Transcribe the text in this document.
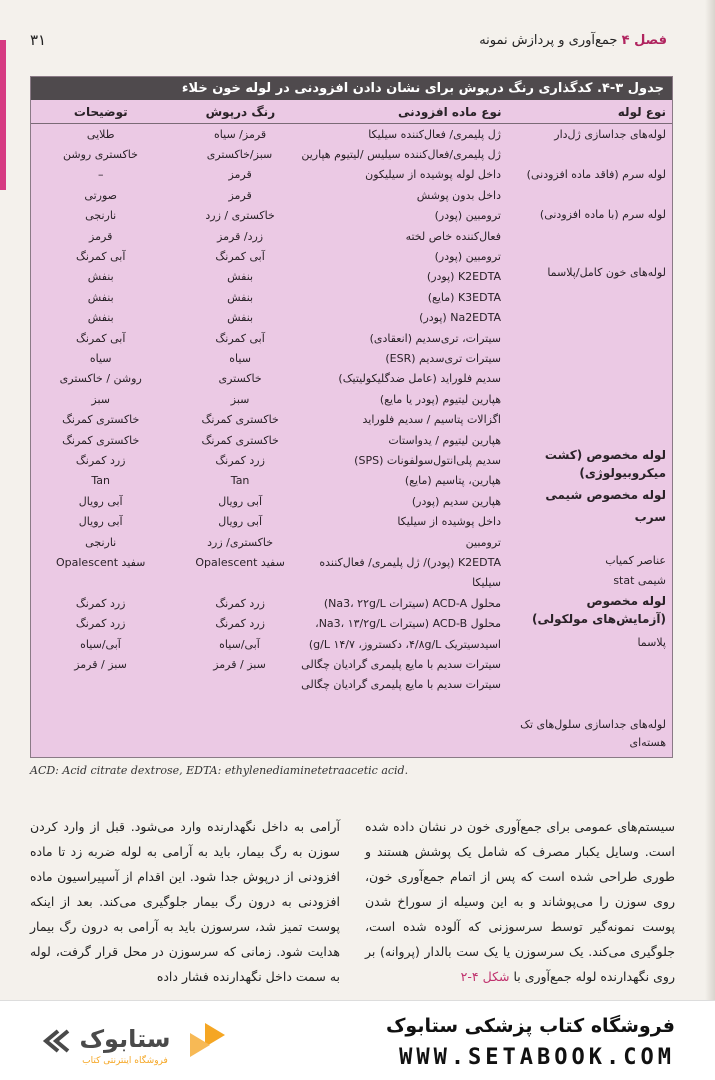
فصل ۴ جمع‌آوری و پردازش نمونه
۳۱
جدول ۳-۴. کدگذاری رنگ درپوش برای نشان دادن افزودنی در لوله خون خلاء
نوع لوله
نوع ماده افزودنی
رنگ درپوش
توضیحات
لوله‌های جداسازی ژل‌دار
لوله سرم (فاقد ماده افزودنی)
لوله سرم (با ماده افزودنی)
لوله‌های خون کامل/پلاسما
لوله مخصوص (کشت میکروبیولوژی)
لوله مخصوص شیمی
سرب
عناصر کمیاب
شیمی stat
لوله مخصوص (آزمایش‌های مولکولی)
پلاسما
لوله‌های جداسازی سلول‌های تک هسته‌ای
ژل پلیمری/ فعال‌کننده سیلیکا
قرمز/ سیاه
طلایی
ژل پلیمری/فعال‌کننده سیلیس /لیتیوم هپارین
سبز/خاکستری
خاکستری روشن
داخل لوله پوشیده از سیلیکون
قرمز
–
داخل بدون پوشش
قرمز
صورتی
ترومبین (پودر)
خاکستری / زرد
نارنجی
فعال‌کننده خاص لخته
زرد/ قرمز
قرمز
ترومبین (پودر)
آبی کمرنگ
آبی کمرنگ
K2EDTA (پودر)
بنفش
بنفش
K3EDTA (مایع)
بنفش
بنفش
Na2EDTA (پودر)
بنفش
بنفش
سیترات، تری‌سدیم (انعقادی)
آبی کمرنگ
آبی کمرنگ
سیترات تری‌سدیم (ESR)
سیاه
سیاه
سدیم فلوراید (عامل ضدگلیکولیتیک)
خاکستری
روشن / خاکستری
هپارین لیتیوم (پودر یا مایع)
سبز
سبز
اگزالات پتاسیم / سدیم فلوراید
خاکستری کمرنگ
خاکستری کمرنگ
هپارین لیتیوم / یدواستات
خاکستری کمرنگ
خاکستری کمرنگ
سدیم پلی‌انتول‌سولفونات (SPS)
زرد کمرنگ
زرد کمرنگ
هپارین، پتاسیم (مایع)
Tan
Tan
هپارین سدیم (پودر)
آبی رویال
آبی رویال
داخل پوشیده از سیلیکا
آبی رویال
آبی رویال
ترومبین
خاکستری/ زرد
نارنجی
K2EDTA (پودر)/ ژل پلیمری/ فعال‌کننده
سفید Opalescent
سفید Opalescent
سیلیکا
محلول ACD-A (سیترات Na3، ۲۲g/L)
زرد کمرنگ
زرد کمرنگ
محلول ACD-B (سیترات Na3، ۱۳/۲g/L،
زرد کمرنگ
زرد کمرنگ
اسیدسیتریک ۴/۸g/L، دکستروز، ۱۴/۷ g/L)
آبی/سیاه
آبی/سیاه
سیترات سدیم با مایع پلیمری گرادیان چگالی
سبز / قرمز
سبز / قرمز
سیترات سدیم با مایع پلیمری گرادیان چگالی
ACD: Acid citrate dextrose, EDTA: ethylenediaminetetraacetic acid.
سیستم‌های عمومی برای جمع‌آوری خون در نشان داده شده است. وسایل یکبار مصرف که شامل یک پوشش هستند و طوری طراحی شده است که پس از اتمام جمع‌آوری خون، روی سوزن را می‌پوشاند و به این وسیله از سوراخ شدن پوست نمونه‌گیر توسط سرسوزنی که آلوده شده است، جلوگیری می‌کند. یک سرسوزن یا یک ست بالدار (پروانه) بر روی نگهدارنده لوله جمع‌آوری با شکل ۴-۲
آرامی به داخل نگهدارنده وارد می‌شود. قبل از وارد کردن سوزن به رگ بیمار، باید به آرامی به لوله ضربه زد تا ماده افزودنی از درپوش جدا شود. این اقدام از آسپیراسیون ماده افزودنی به درون رگ بیمار جلوگیری می‌کند. بعد از اینکه پوست تمیز شد، سرسوزن باید به آرامی به درون رگ بیمار هدایت شود. زمانی که سرسوزن در محل قرار گرفت، لوله به سمت داخل نگهدارنده فشار داده
ستابوک
فروشگاه اینترنتی کتاب
فروشگاه کتاب پزشکی ستابوک
WWW.SETABOOK.COM
